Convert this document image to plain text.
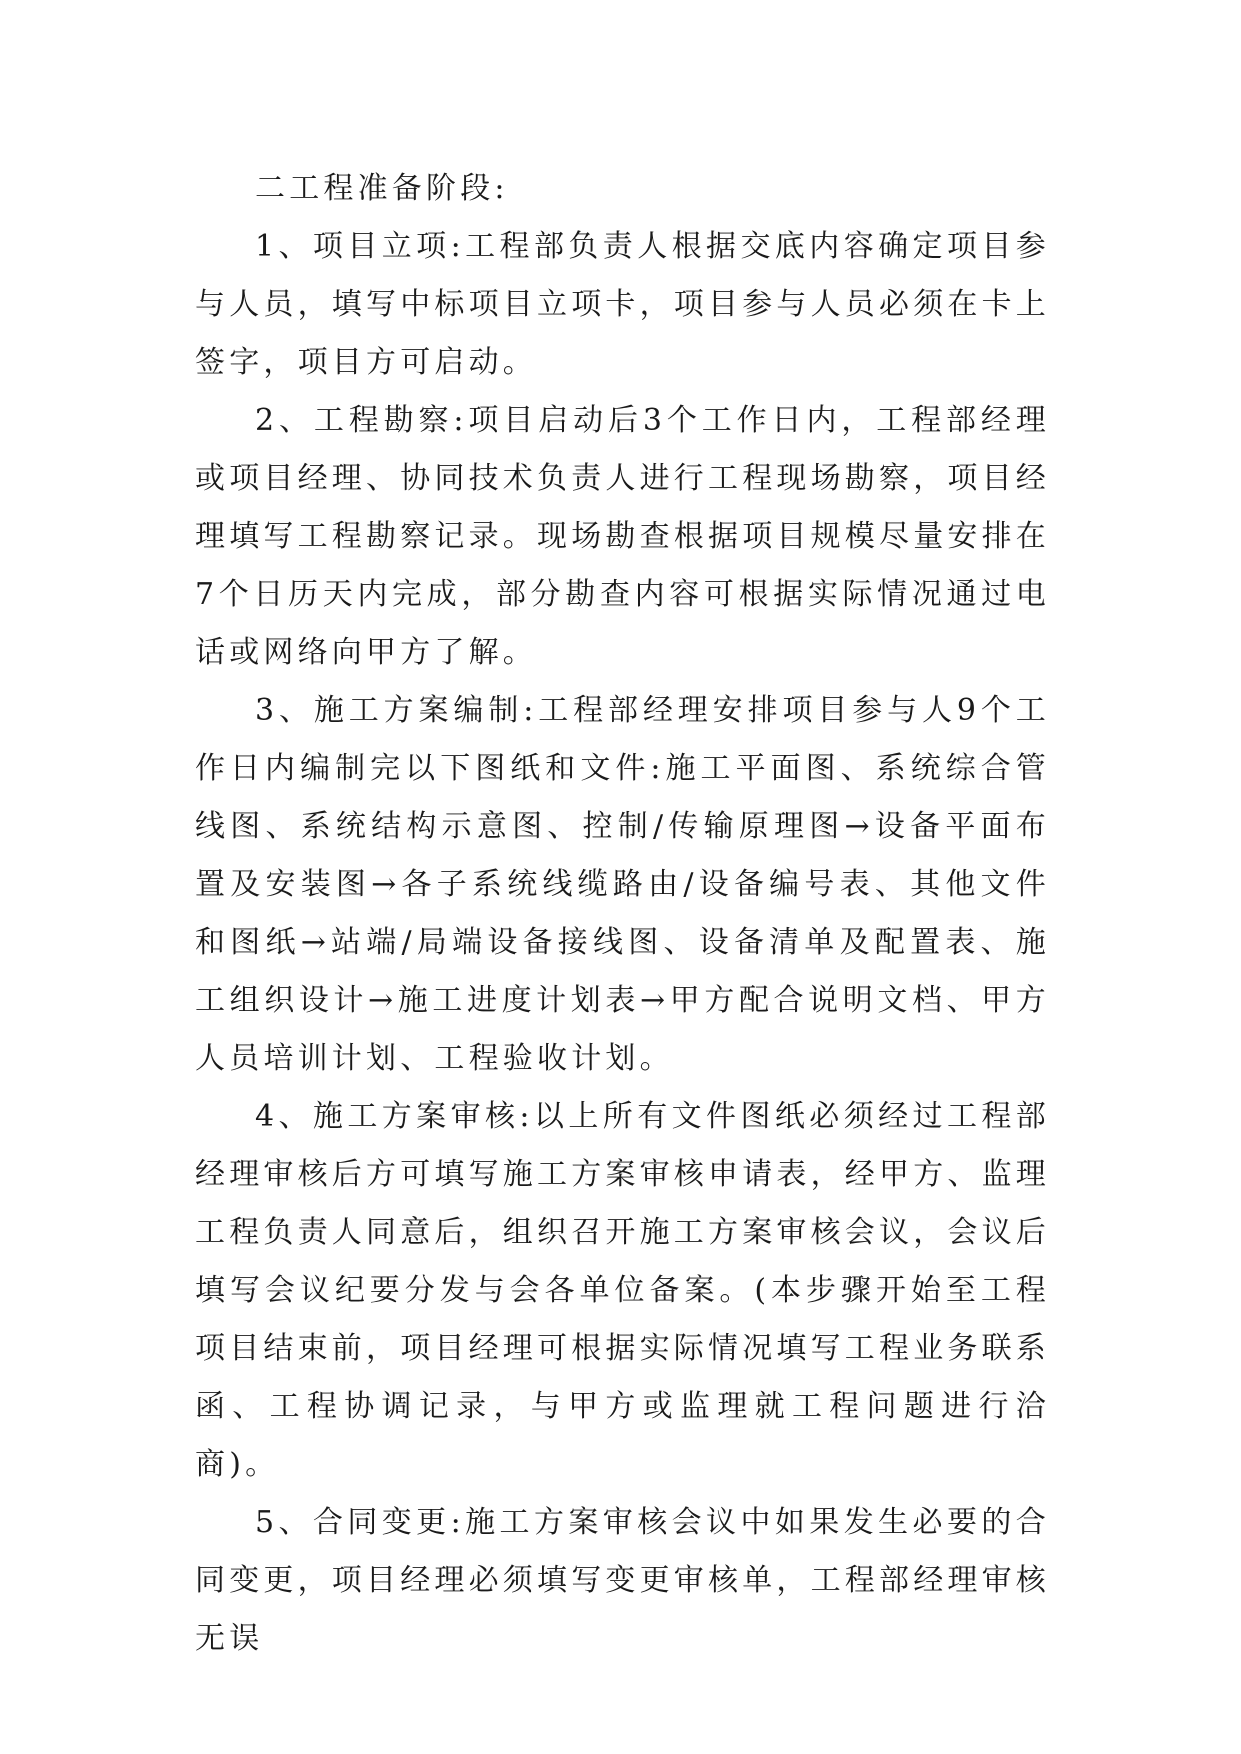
二工程准备阶段:

1、项目立项:工程部负责人根据交底内容确定项目参与人员，填写中标项目立项卡，项目参与人员必须在卡上签字，项目方可启动。

2、工程勘察:项目启动后3个工作日内，工程部经理或项目经理、协同技术负责人进行工程现场勘察，项目经理填写工程勘察记录。现场勘查根据项目规模尽量安排在7个日历天内完成，部分勘查内容可根据实际情况通过电话或网络向甲方了解。

3、施工方案编制:工程部经理安排项目参与人9个工作日内编制完以下图纸和文件:施工平面图、系统综合管线图、系统结构示意图、控制/传输原理图→设备平面布置及安装图→各子系统线缆路由/设备编号表、其他文件和图纸→站端/局端设备接线图、设备清单及配置表、施工组织设计→施工进度计划表→甲方配合说明文档、甲方人员培训计划、工程验收计划。

4、施工方案审核:以上所有文件图纸必须经过工程部经理审核后方可填写施工方案审核申请表，经甲方、监理工程负责人同意后，组织召开施工方案审核会议，会议后填写会议纪要分发与会各单位备案。(本步骤开始至工程项目结束前，项目经理可根据实际情况填写工程业务联系函、工程协调记录，与甲方或监理就工程问题进行洽商)。

5、合同变更:施工方案审核会议中如果发生必要的合同变更，项目经理必须填写变更审核单，工程部经理审核无误
